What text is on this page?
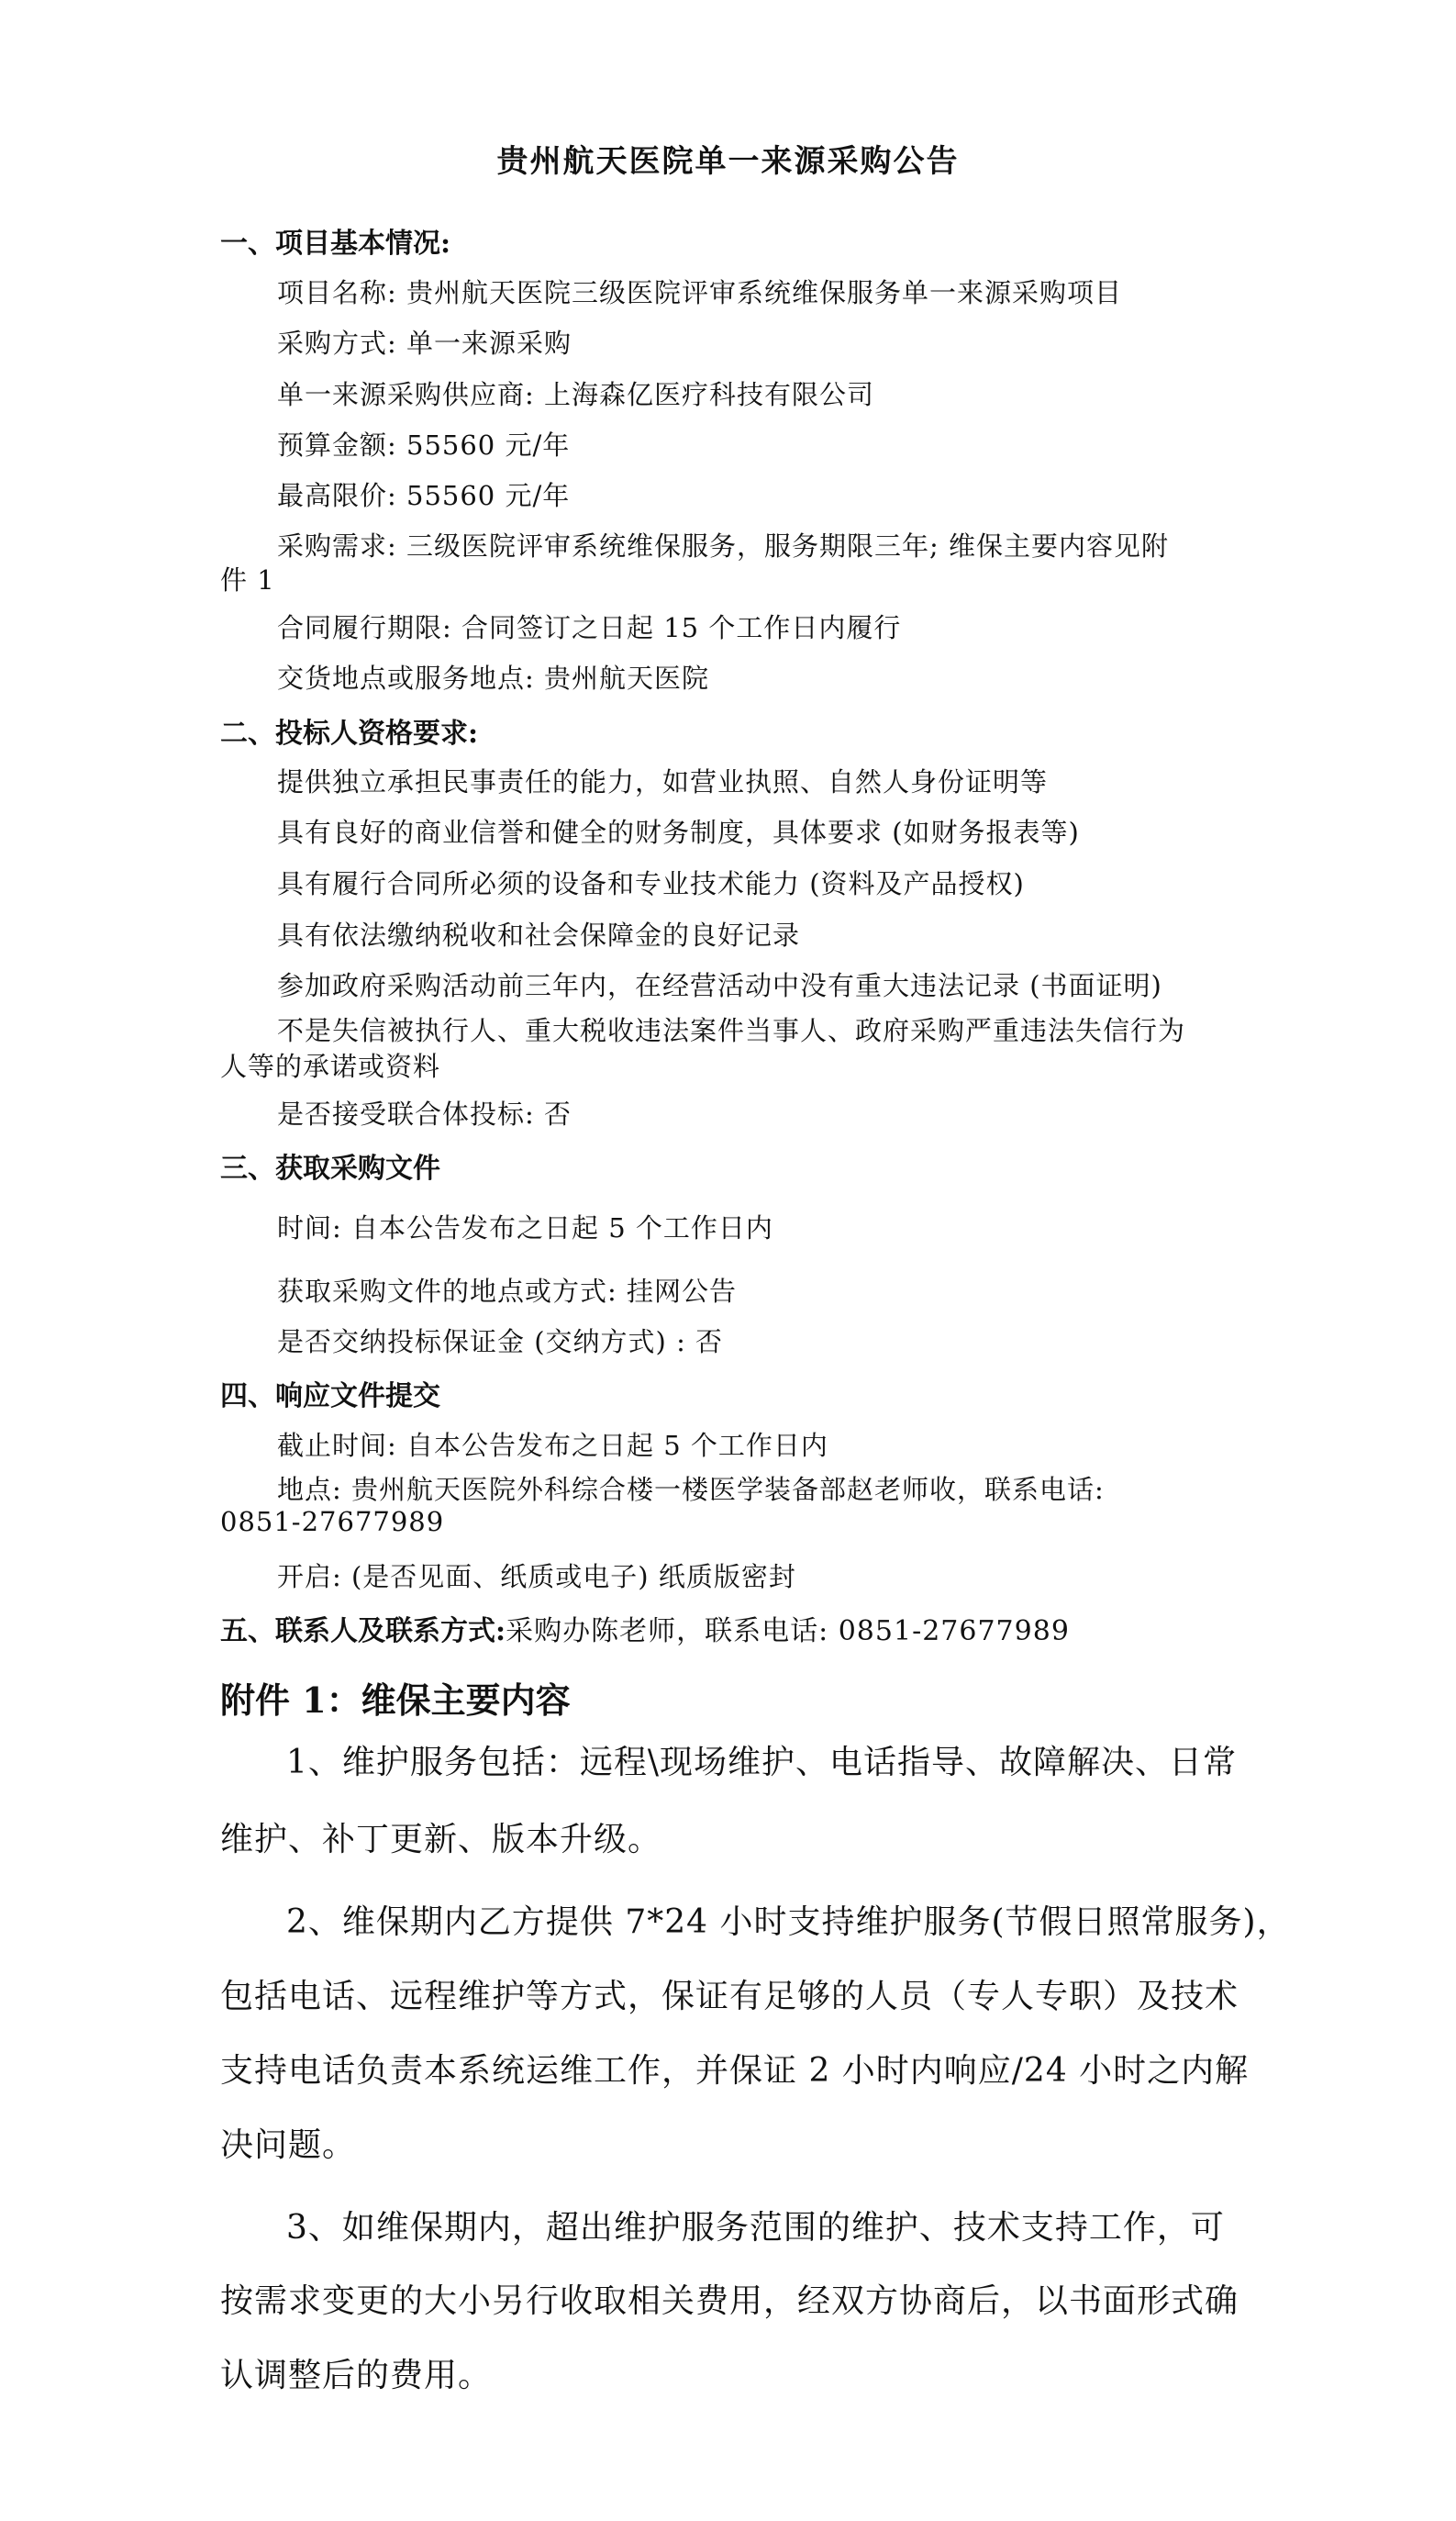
贵州航天医院单一来源采购公告
一、项目基本情况:
项目名称: 贵州航天医院三级医院评审系统维保服务单一来源采购项目
采购方式: 单一来源采购
单一来源采购供应商: 上海森亿医疗科技有限公司
预算金额: 55560 元/年
最高限价: 55560 元/年
采购需求: 三级医院评审系统维保服务，服务期限三年; 维保主要内容见附
件 1
合同履行期限: 合同签订之日起 15 个工作日内履行
交货地点或服务地点: 贵州航天医院
二、投标人资格要求:
提供独立承担民事责任的能力，如营业执照、自然人身份证明等
具有良好的商业信誉和健全的财务制度，具体要求 (如财务报表等)
具有履行合同所必须的设备和专业技术能力 (资料及产品授权)
具有依法缴纳税收和社会保障金的良好记录
参加政府采购活动前三年内，在经营活动中没有重大违法记录 (书面证明)
不是失信被执行人、重大税收违法案件当事人、政府采购严重违法失信行为
人等的承诺或资料
是否接受联合体投标: 否
三、获取采购文件
时间: 自本公告发布之日起 5 个工作日内
获取采购文件的地点或方式: 挂网公告
是否交纳投标保证金 (交纳方式) : 否
四、响应文件提交
截止时间: 自本公告发布之日起 5 个工作日内
地点: 贵州航天医院外科综合楼一楼医学装备部赵老师收，联系电话:
0851-27677989
开启: (是否见面、纸质或电子) 纸质版密封
五、联系人及联系方式:采购办陈老师，联系电话: 0851-27677989
附件 1：维保主要内容
1、维护服务包括：远程\现场维护、电话指导、故障解决、日常
维护、补丁更新、版本升级。
2、维保期内乙方提供 7*24 小时支持维护服务(节假日照常服务)，
包括电话、远程维护等方式，保证有足够的人员（专人专职）及技术
支持电话负责本系统运维工作，并保证 2 小时内响应/24 小时之内解
决问题。
3、如维保期内，超出维护服务范围的维护、技术支持工作，可
按需求变更的大小另行收取相关费用，经双方协商后，以书面形式确
认调整后的费用。
